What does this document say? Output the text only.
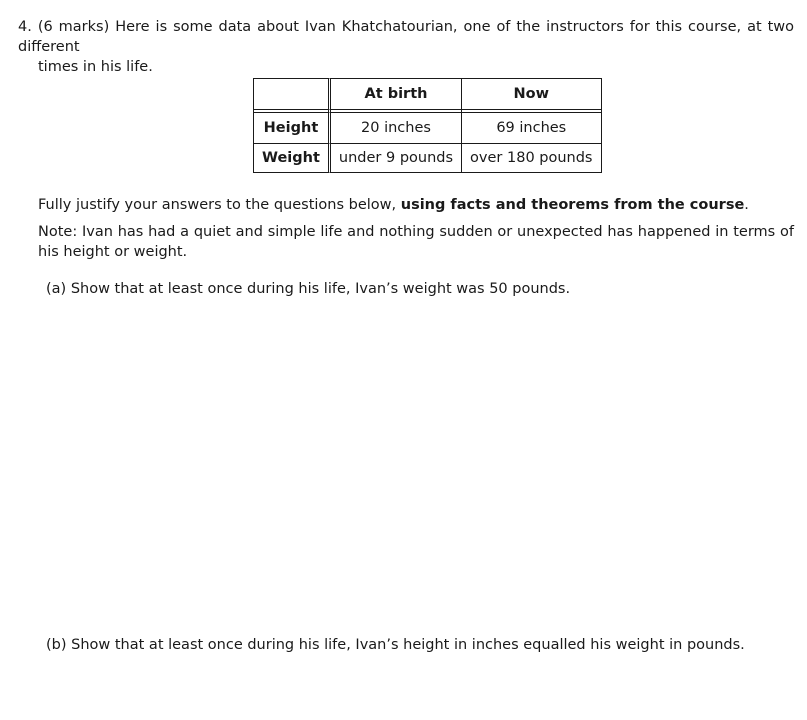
4. (6 marks) Here is some data about Ivan Khatchatourian, one of the instructors for this course, at two different
times in his life.
	At birth	Now

Height	20 inches	69 inches
Weight	under 9 pounds	over 180 pounds
Fully justify your answers to the questions below, using facts and theorems from the course.
Note: Ivan has had a quiet and simple life and nothing sudden or unexpected has happened in terms of his height or weight.
(a) Show that at least once during his life, Ivan’s weight was 50 pounds.
(b) Show that at least once during his life, Ivan’s height in inches equalled his weight in pounds.
